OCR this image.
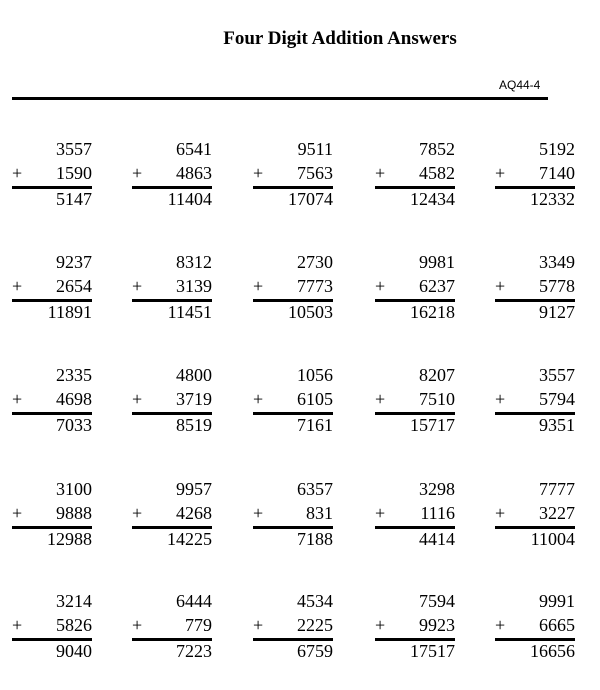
Four Digit Addition Answers
AQ44-4
3557
+ 1590
5147
6541
+ 4863
11404
9511
+ 7563
17074
7852
+ 4582
12434
5192
+ 7140
12332
9237
+ 2654
11891
8312
+ 3139
11451
2730
+ 7773
10503
9981
+ 6237
16218
3349
+ 5778
9127
2335
+ 4698
7033
4800
+ 3719
8519
1056
+ 6105
7161
8207
+ 7510
15717
3557
+ 5794
9351
3100
+ 9888
12988
9957
+ 4268
14225
6357
+ 831
7188
3298
+ 1116
4414
7777
+ 3227
11004
3214
+ 5826
9040
6444
+ 779
7223
4534
+ 2225
6759
7594
+ 9923
17517
9991
+ 6665
16656
